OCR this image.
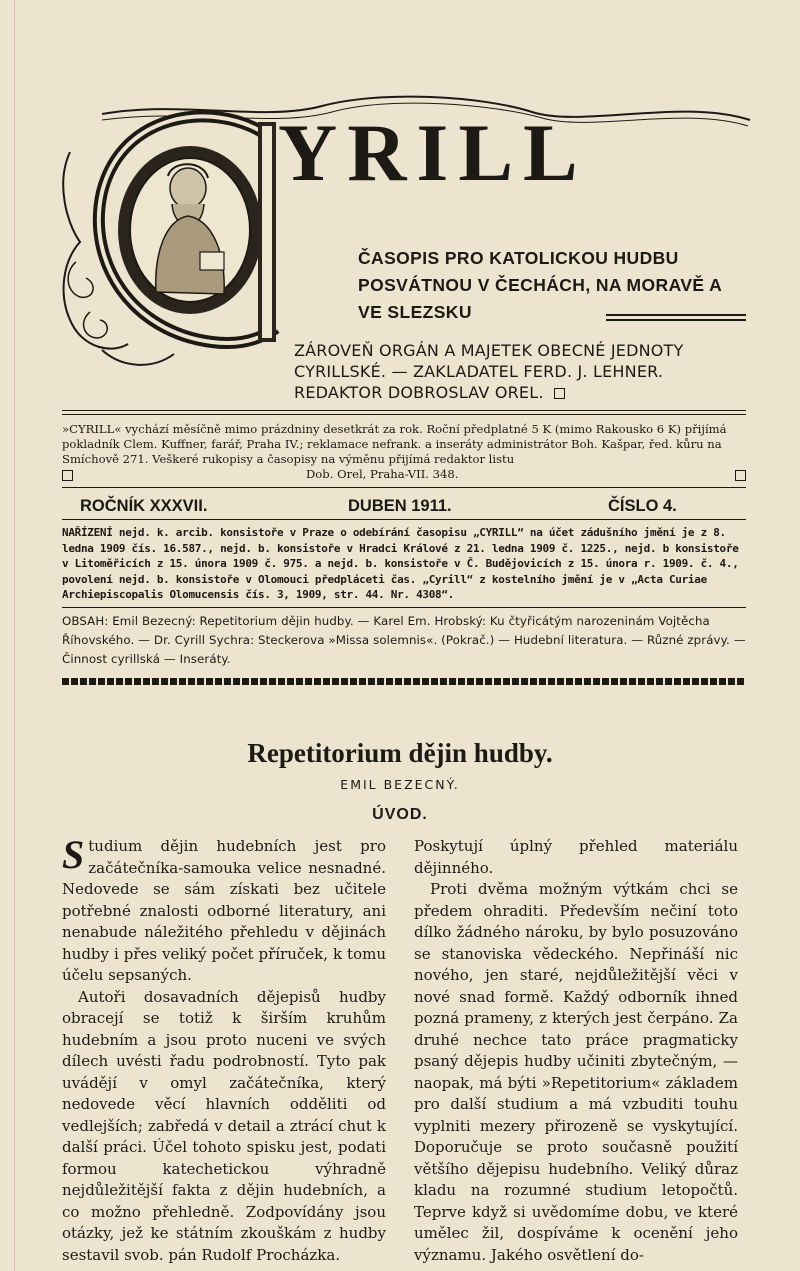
YRILL
ČASOPIS PRO KATOLICKOU HUDBU POSVÁTNOU V ČECHÁCH, NA MORAVĚ A VE SLEZSKU
ZÁROVEŇ ORGÁN A MAJETEK OBECNÉ JEDNOTY CYRILLSKÉ. — ZAKLADATEL FERD. J. LEHNER. REDAKTOR DOBROSLAV OREL.
»CYRILL« vychází měsíčně mimo prázdniny desetkrát za rok. Roční předplatné 5 K (mimo Rakousko 6 K) přijímá pokladník Clem. Kuffner, farář, Praha IV.; reklamace nefrank. a inseráty administrátor Boh. Kašpar, řed. kůru na Smíchově 271. Veškeré rukopisy a časopisy na výměnu přijímá redaktor listu
Dob. Orel, Praha-VII. 348.
ROČNÍK XXXVII.	DUBEN 1911.	ČÍSLO 4.
NAŘÍZENÍ nejd. k. arcib. konsistoře v Praze o odebírání časopisu „CYRILL“ na účet zádušního jmění je z 8. ledna 1909 čís. 16.587., nejd. b. konsistoře v Hradci Králové z 21. ledna 1909 č. 1225., nejd. b konsistoře v Litoměřicích z 15. února 1909 č. 975. a nejd. b. konsistoře v Č. Budějovicích z 15. února r. 1909. č. 4., povolení nejd. b. konsistoře v Olomouci předpláceti čas. „Cyrill“ z kostelního jmění je v „Acta Curiae Archiepiscopalis Olomucensis čís. 3, 1909, str. 44. Nr. 4308“.
OBSAH: Emil Bezecný: Repetitorium dějin hudby. — Karel Em. Hrobský: Ku čtyřicátým narozeninám Vojtěcha Říhovského. — Dr. Cyrill Sychra: Steckerova »Missa solemnis«. (Pokrač.) — Hudební literatura. — Různé zprávy. — Činnost cyrillská — Inseráty.
Repetitorium dějin hudby.
EMIL BEZECNÝ.
ÚVOD.

Studium dějin hudebních jest pro začátečníka-samouka velice nesnadné. Nedovede se sám získati bez učitele potřebné znalosti odborné literatury, ani nenabude náležitého přehledu v dějinách hudby i přes veliký počet příruček, k tomu účelu sepsaných.

Autoři dosavadních dějepisů hudby obracejí se totiž k širším kruhům hudebním a jsou proto nuceni ve svých dílech uvésti řadu podrobností. Tyto pak uvádějí v omyl začátečníka, který nedovede věcí hlavních odděliti od vedlejších; zabředá v detail a ztrácí chut k další práci. Účel tohoto spisku jest, podati formou katechetickou výhradně nejdůležitější fakta z dějin hudebních, a co možno přehledně. Zodpovídány jsou otázky, jež ke státním zkouškám z hudby sestavil svob. pán Rudolf Procházka.

Poskytují úplný přehled materiálu dějinného.

Proti dvěma možným výtkám chci se předem ohraditi. Především nečiní toto dílko žádného nároku, by bylo posuzováno se stanoviska vědeckého. Nepřináší nic nového, jen staré, nejdůležitější věci v nové snad formě. Každý odborník ihned pozná prameny, z kterých jest čerpáno. Za druhé nechce tato práce pragmaticky psaný dějepis hudby učiniti zbytečným, — naopak, má býti »Repetitorium« základem pro další studium a má vzbuditi touhu vyplniti mezery přirozeně se vyskytující. Doporučuje se proto současně použití většího dějepisu hudebního. Veliký důraz kladu na rozumné studium letopočtů. Teprve když si uvědomíme dobu, ve které umělec žil, dospíváme k ocenění jeho významu. Jakého osvětlení do-
